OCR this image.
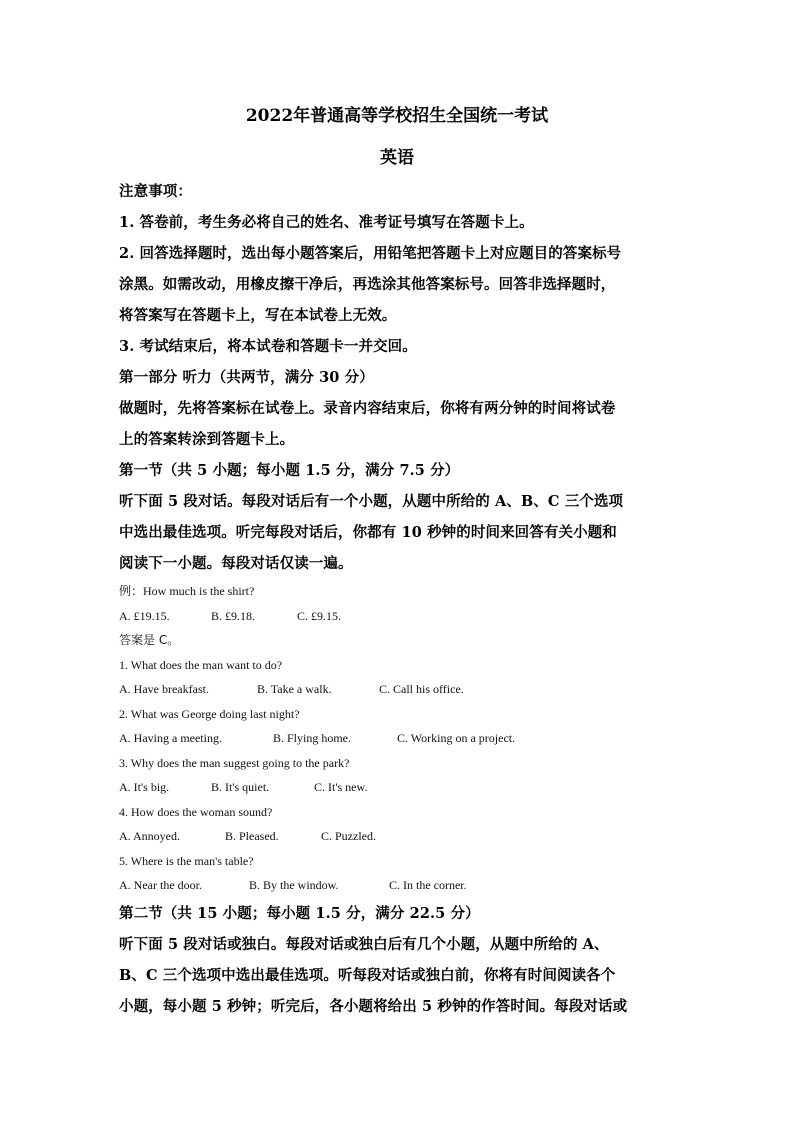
2022年普通高等学校招生全国统一考试
英语
注意事项：
1. 答卷前，考生务必将自己的姓名、准考证号填写在答题卡上。
2. 回答选择题时，选出每小题答案后，用铅笔把答题卡上对应题目的答案标号
涂黑。如需改动，用橡皮擦干净后，再选涂其他答案标号。回答非选择题时，
将答案写在答题卡上，写在本试卷上无效。
3. 考试结束后，将本试卷和答题卡一并交回。
第一部分 听力（共两节，满分 30 分）
做题时，先将答案标在试卷上。录音内容结束后，你将有两分钟的时间将试卷
上的答案转涂到答题卡上。
第一节（共 5 小题；每小题 1.5 分，满分 7.5 分）
听下面 5 段对话。每段对话后有一个小题，从题中所给的 A、B、C 三个选项
中选出最佳选项。听完每段对话后，你都有 10 秒钟的时间来回答有关小题和
阅读下一小题。每段对话仅读一遍。
例：How much is the shirt?
A. £19.15.	B. £9.18.	C. £9.15.
答案是 C。
1. What does the man want to do?
A. Have breakfast.	B. Take a walk.	C. Call his office.
2. What was George doing last night?
A. Having a meeting.	B. Flying home.	C. Working on a project.
3. Why does the man suggest going to the park?
A. It's big.	B. It's quiet.	C. It's new.
4. How does the woman sound?
A. Annoyed.	B. Pleased.	C. Puzzled.
5. Where is the man's table?
A. Near the door.	B. By the window.	C. In the corner.
第二节（共 15 小题；每小题 1.5 分，满分 22.5 分）
听下面 5 段对话或独白。每段对话或独白后有几个小题，从题中所给的 A、
B、C 三个选项中选出最佳选项。听每段对话或独白前，你将有时间阅读各个
小题，每小题 5 秒钟；听完后，各小题将给出 5 秒钟的作答时间。每段对话或
